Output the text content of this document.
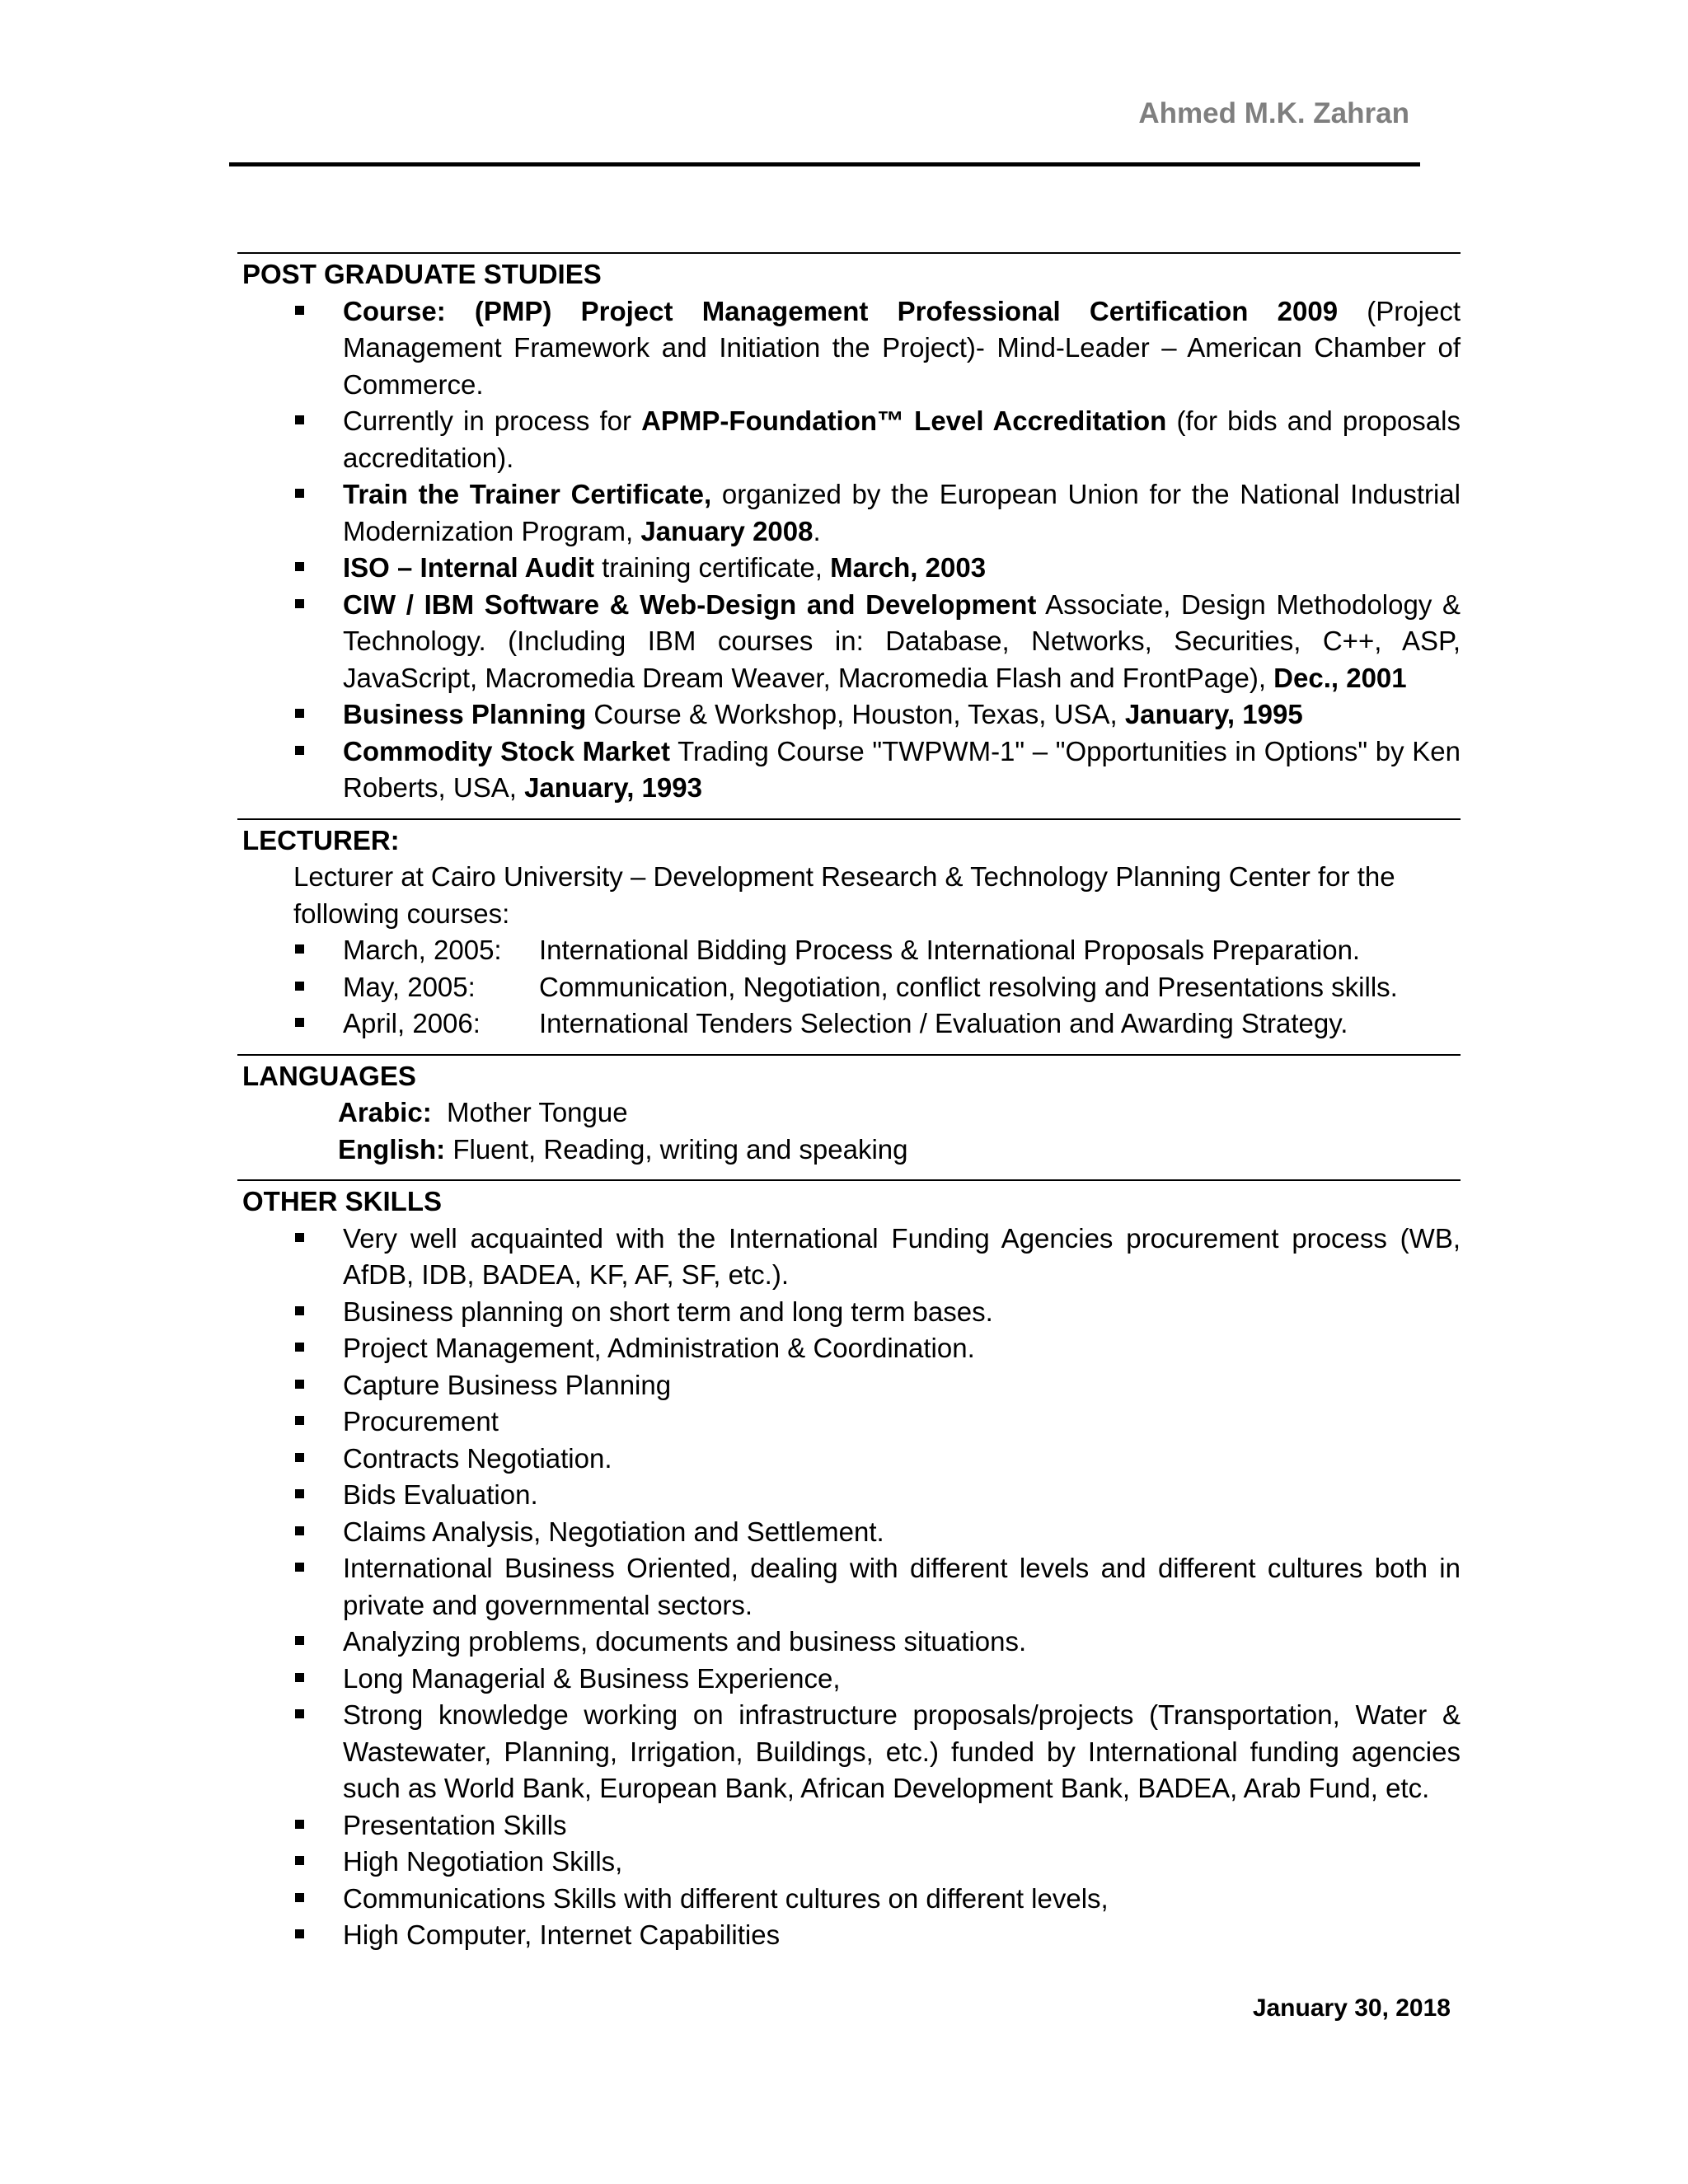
Ahmed M.K. Zahran
POST GRADUATE STUDIES
Course: (PMP) Project Management Professional Certification 2009 (Project Management Framework and Initiation the Project)- Mind-Leader – American Chamber of Commerce.
Currently in process for APMP-Foundation™ Level Accreditation (for bids and proposals accreditation).
Train the Trainer Certificate, organized by the European Union for the National Industrial Modernization Program, January 2008.
ISO – Internal Audit training certificate, March, 2003
CIW / IBM Software & Web-Design and Development Associate, Design Methodology & Technology. (Including IBM courses in: Database, Networks, Securities, C++, ASP, JavaScript, Macromedia Dream Weaver, Macromedia Flash and FrontPage), Dec., 2001
Business Planning Course & Workshop, Houston, Texas, USA, January, 1995
Commodity Stock Market Trading Course "TWPWM-1" – "Opportunities in Options" by Ken Roberts, USA, January, 1993
LECTURER:
Lecturer at Cairo University – Development Research & Technology Planning Center for the following courses:
March, 2005: International Bidding Process & International Proposals Preparation.
May, 2005: Communication, Negotiation, conflict resolving and Presentations skills.
April, 2006: International Tenders Selection / Evaluation and Awarding Strategy.
LANGUAGES
Arabic:  Mother Tongue
English: Fluent, Reading, writing and speaking
OTHER SKILLS
Very well acquainted with the International Funding Agencies procurement process (WB, AfDB, IDB, BADEA, KF, AF, SF, etc.).
Business planning on short term and long term bases.
Project Management, Administration & Coordination.
Capture Business Planning
Procurement
Contracts Negotiation.
Bids Evaluation.
Claims Analysis, Negotiation and Settlement.
International Business Oriented, dealing with different levels and different cultures both in private and governmental sectors.
Analyzing problems, documents and business situations.
Long Managerial & Business Experience,
Strong knowledge working on infrastructure proposals/projects (Transportation, Water & Wastewater, Planning, Irrigation, Buildings, etc.) funded by International funding agencies such as World Bank, European Bank, African Development Bank, BADEA, Arab Fund, etc.
Presentation Skills
High Negotiation Skills,
Communications Skills with different cultures on different levels,
High Computer, Internet Capabilities
January 30, 2018
